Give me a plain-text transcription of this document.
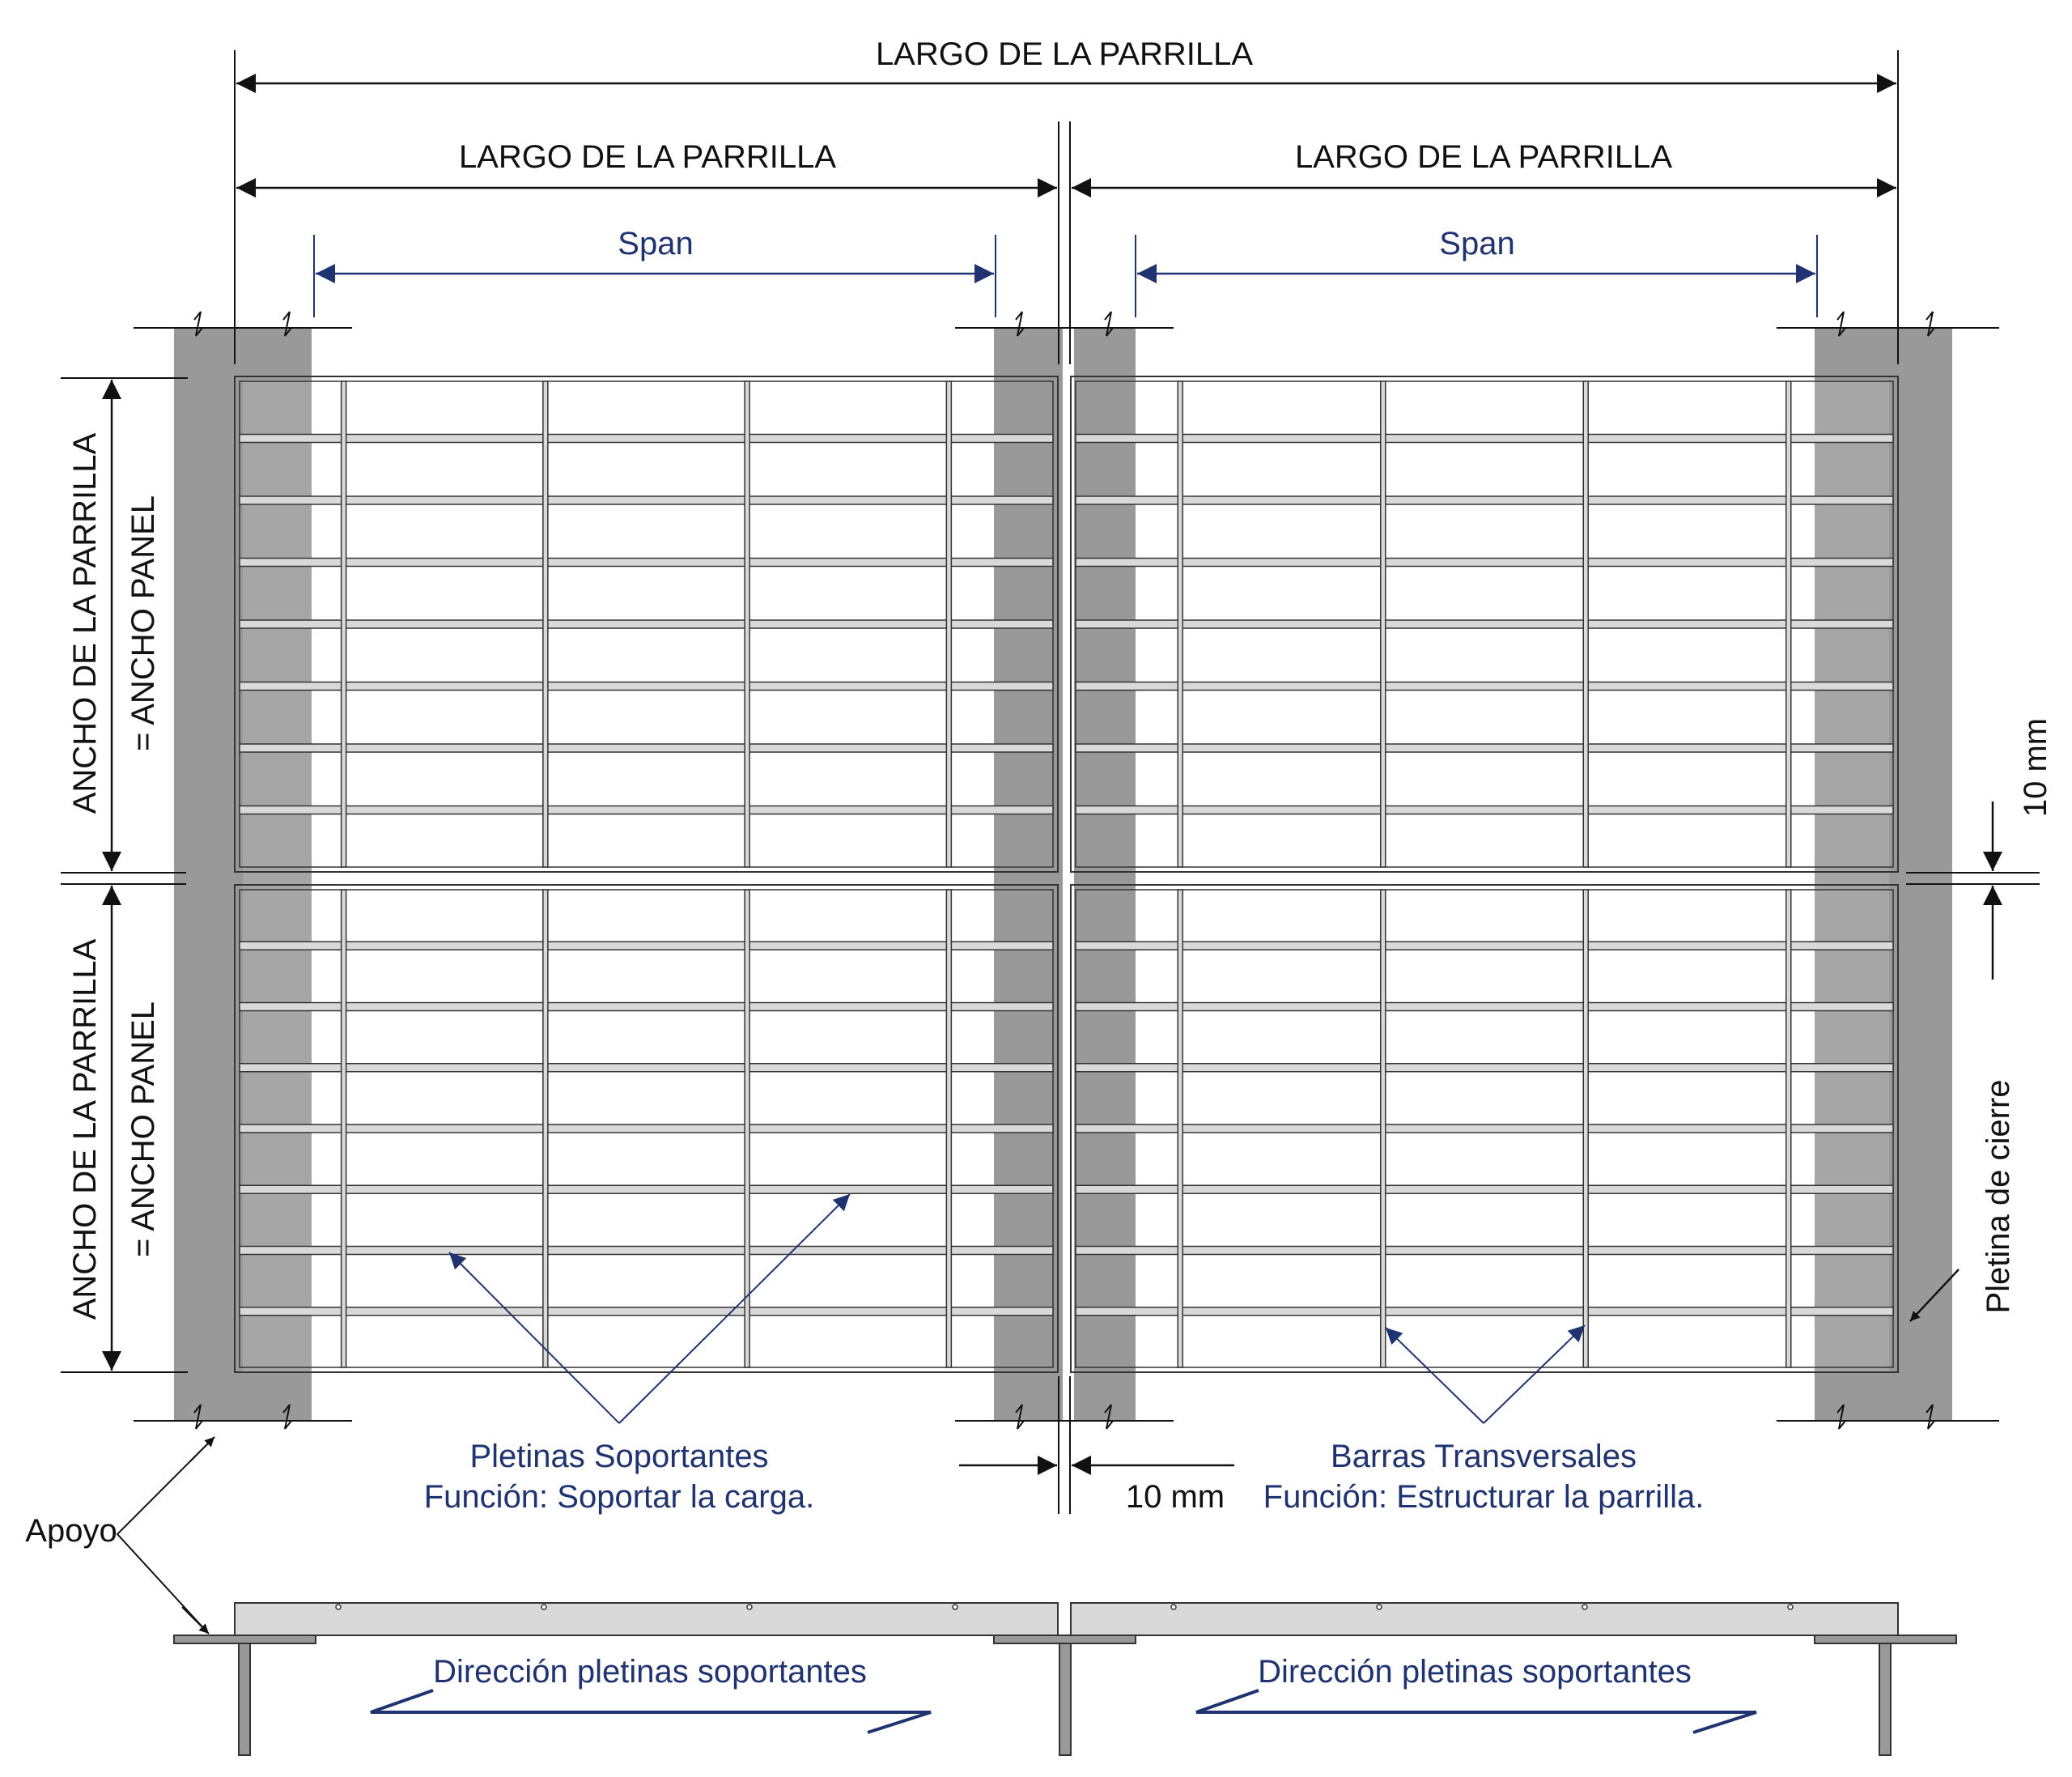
LARGO DE LA PARRILLA
LARGO DE LA PARRILLA	LARGO DE LA PARRILLA
Span	Span
ANCHO DE LA PARRILLA = ANCHO PANEL
ANCHO DE LA PARRILLA = ANCHO PANEL
10 mm
Pletina de cierre
10 mm
Pletinas Soportantes
Función: Soportar la carga.
Barras Transversales
Función: Estructurar la parrilla.
Apoyo
Dirección pletinas soportantes	Dirección pletinas soportantes
